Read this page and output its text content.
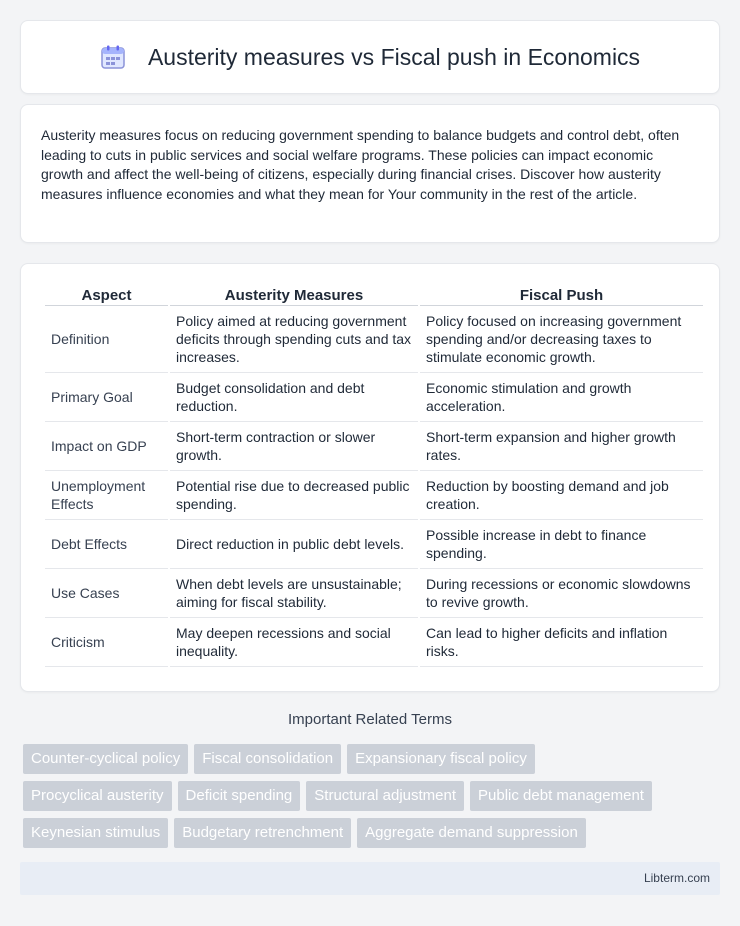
Austerity measures vs Fiscal push in Economics

Austerity measures focus on reducing government spending to balance budgets and control debt, often leading to cuts in public services and social welfare programs. These policies can impact economic growth and affect the well-being of citizens, especially during financial crises. Discover how austerity measures influence economies and what they mean for Your community in the rest of the article.

Aspect	Austerity Measures	Fiscal Push
Definition	Policy aimed at reducing government deficits through spending cuts and tax increases.	Policy focused on increasing government spending and/or decreasing taxes to stimulate economic growth.
Primary Goal	Budget consolidation and debt reduction.	Economic stimulation and growth acceleration.
Impact on GDP	Short-term contraction or slower growth.	Short-term expansion and higher growth rates.
Unemployment Effects	Potential rise due to decreased public spending.	Reduction by boosting demand and job creation.
Debt Effects	Direct reduction in public debt levels.	Possible increase in debt to finance spending.
Use Cases	When debt levels are unsustainable; aiming for fiscal stability.	During recessions or economic slowdowns to revive growth.
Criticism	May deepen recessions and social inequality.	Can lead to higher deficits and inflation risks.
Important Related Terms
Counter-cyclical policy	Fiscal consolidation	Expansionary fiscal policy
Procyclical austerity	Deficit spending	Structural adjustment	Public debt management
Keynesian stimulus	Budgetary retrenchment	Aggregate demand suppression
Libterm.com
